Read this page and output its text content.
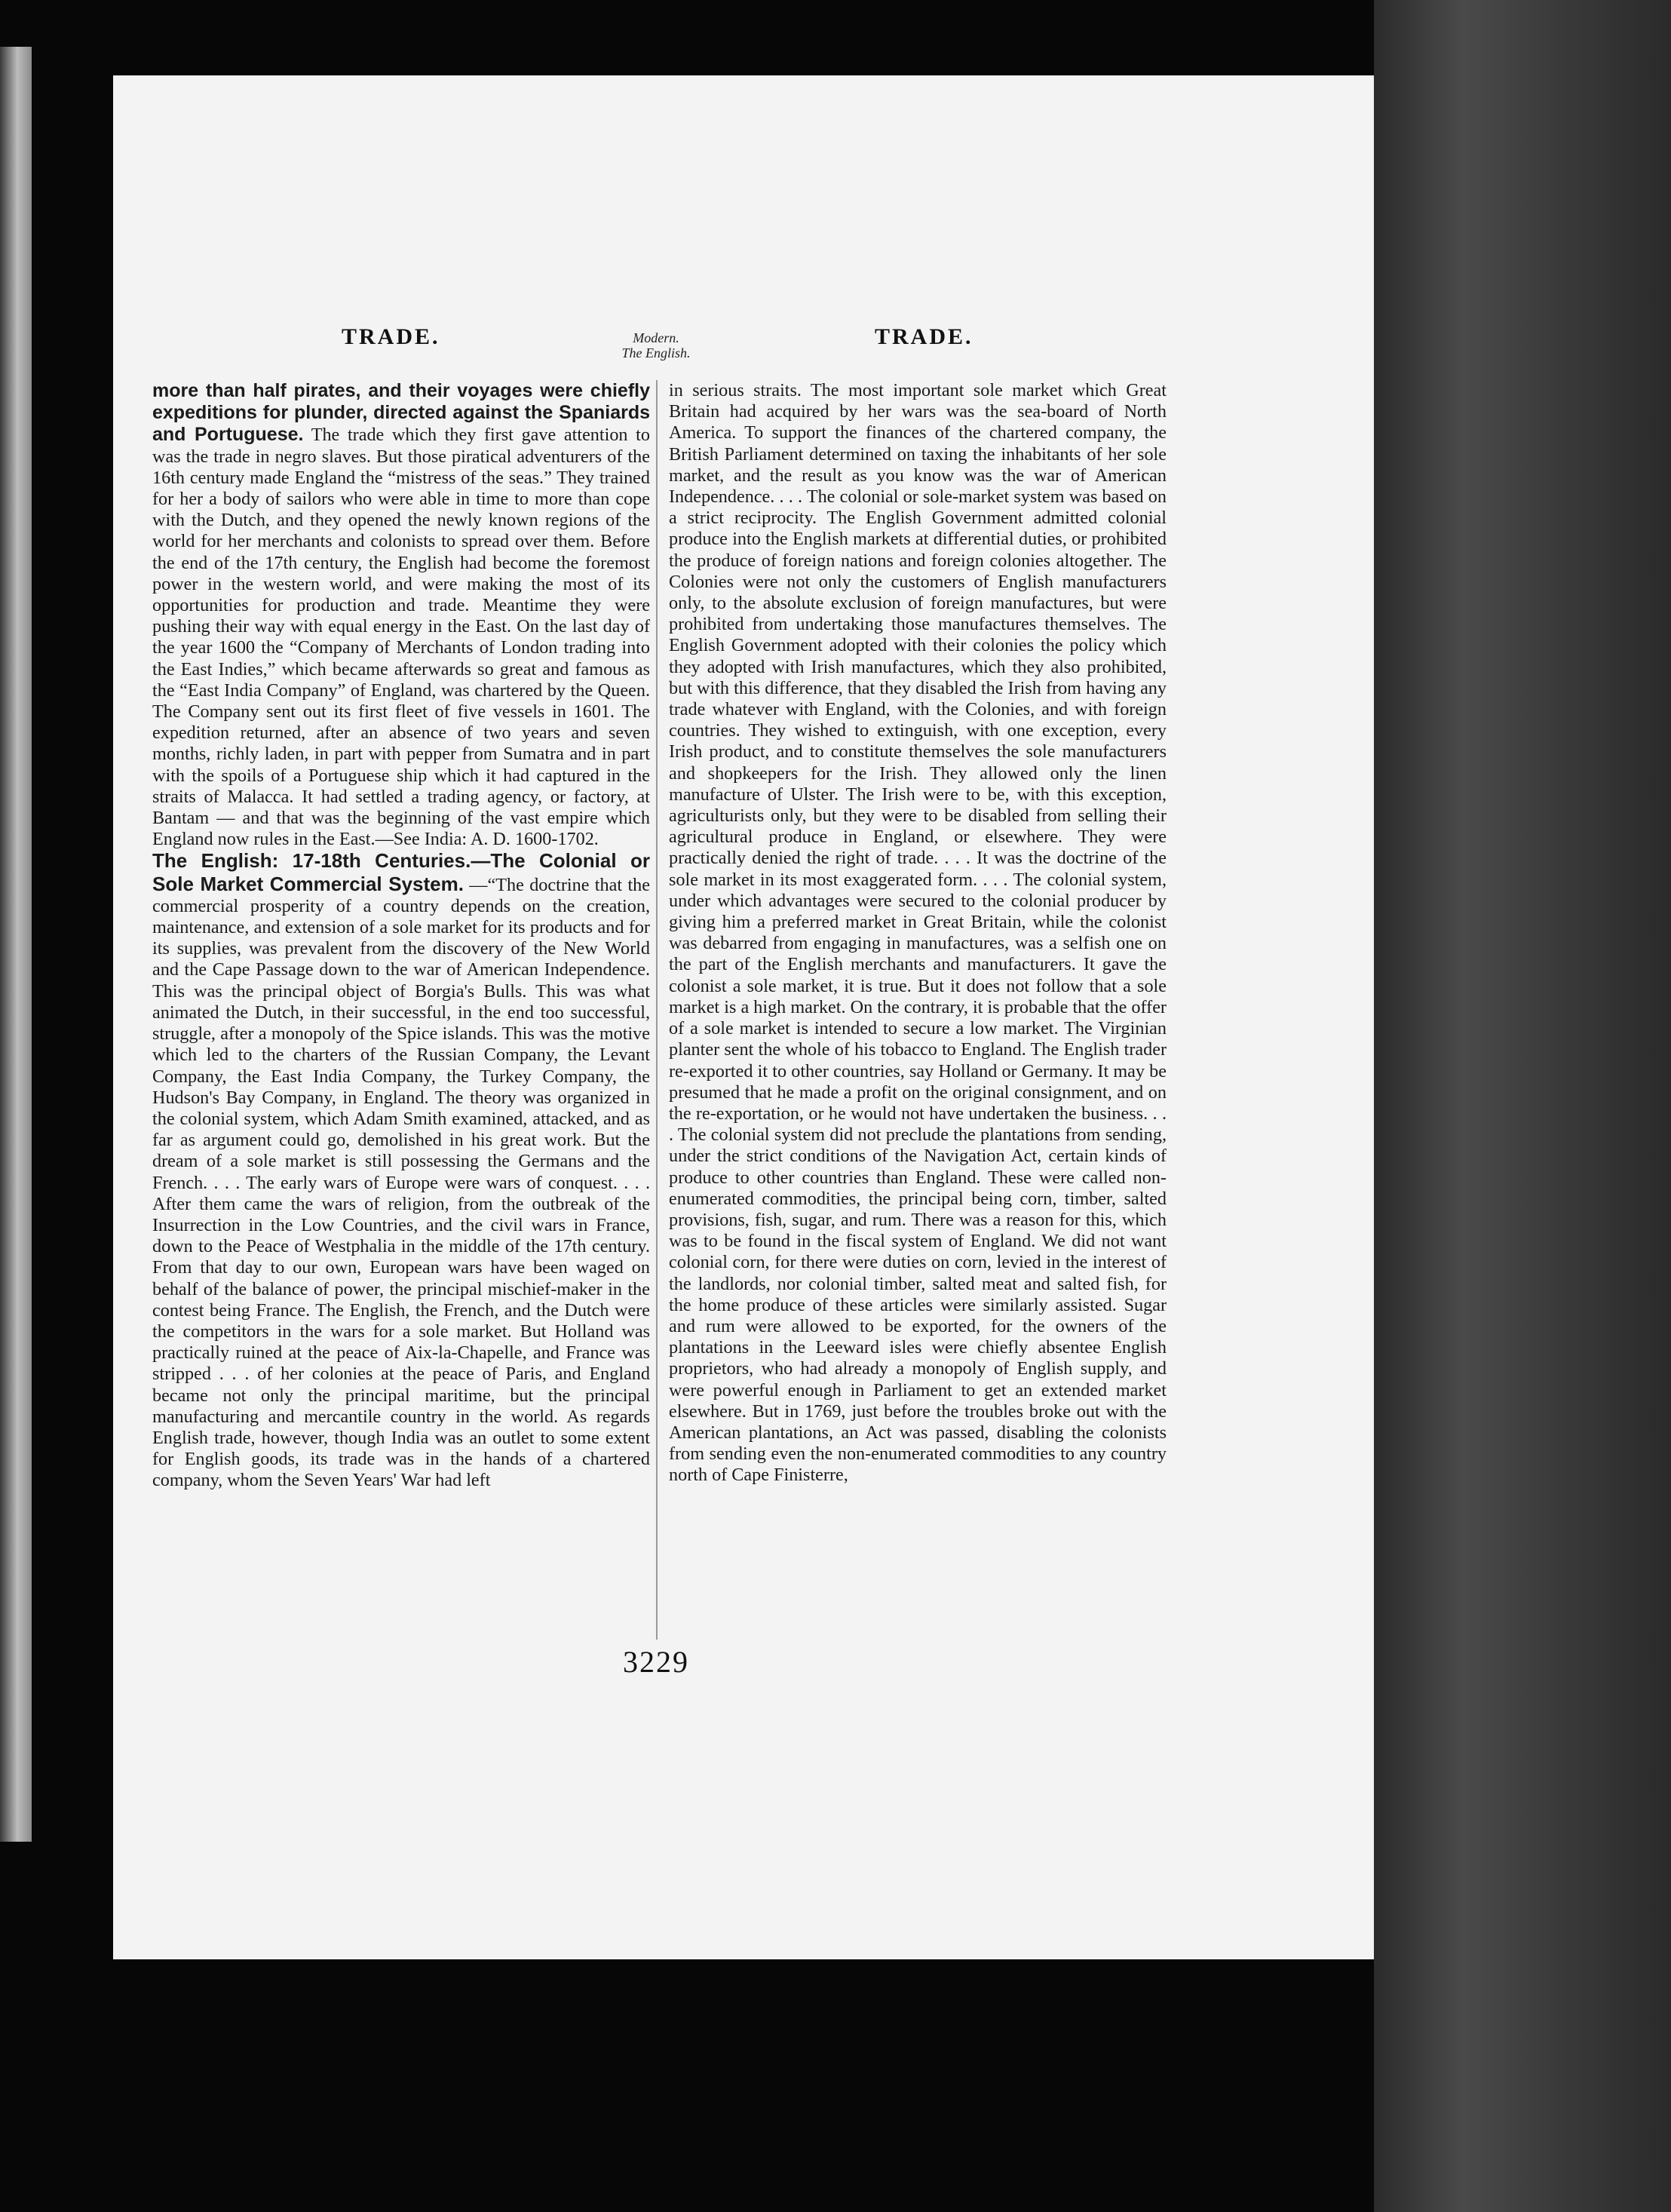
TRADE.	Modern.
The English.
TRADE.

more than half pirates, and their voyages were chiefly expeditions for plunder, directed against the Spaniards and Portuguese. The trade which they first gave attention to was the trade in negro slaves. But those piratical adventurers of the 16th century made England the “mistress of the seas.” They trained for her a body of sailors who were able in time to more than cope with the Dutch, and they opened the newly known regions of the world for her merchants and colonists to spread over them. Before the end of the 17th century, the English had become the foremost power in the western world, and were making the most of its opportunities for production and trade. Meantime they were pushing their way with equal energy in the East. On the last day of the year 1600 the “Company of Merchants of London trading into the East Indies,” which became afterwards so great and famous as the “East India Company” of England, was chartered by the Queen. The Company sent out its first fleet of five vessels in 1601. The expedition returned, after an absence of two years and seven months, richly laden, in part with pepper from Sumatra and in part with the spoils of a Portuguese ship which it had captured in the straits of Malacca. It had settled a trading agency, or factory, at Bantam — and that was the beginning of the vast empire which England now rules in the East.—See India: A. D. 1600-1702.

The English: 17-18th Centuries.—The Colonial or Sole Market Commercial System. —“The doctrine that the commercial prosperity of a country depends on the creation, maintenance, and extension of a sole market for its products and for its supplies, was prevalent from the discovery of the New World and the Cape Passage down to the war of American Independence. This was the principal object of Borgia's Bulls. This was what animated the Dutch, in their successful, in the end too successful, struggle, after a monopoly of the Spice islands. This was the motive which led to the charters of the Russian Company, the Levant Company, the East India Company, the Turkey Company, the Hudson's Bay Company, in England. The theory was organized in the colonial system, which Adam Smith examined, attacked, and as far as argument could go, demolished in his great work. But the dream of a sole market is still possessing the Germans and the French. . . . The early wars of Europe were wars of conquest. . . . After them came the wars of religion, from the outbreak of the Insurrection in the Low Countries, and the civil wars in France, down to the Peace of Westphalia in the middle of the 17th century. From that day to our own, European wars have been waged on behalf of the balance of power, the principal mischief-maker in the contest being France. The English, the French, and the Dutch were the competitors in the wars for a sole market. But Holland was practically ruined at the peace of Aix-la-Chapelle, and France was stripped . . . of her colonies at the peace of Paris, and England became not only the principal maritime, but the principal manufacturing and mercantile country in the world. As regards English trade, however, though India was an outlet to some extent for English goods, its trade was in the hands of a chartered company, whom the Seven Years' War had left

in serious straits. The most important sole market which Great Britain had acquired by her wars was the sea-board of North America. To support the finances of the chartered company, the British Parliament determined on taxing the inhabitants of her sole market, and the result as you know was the war of American Independence. . . . The colonial or sole-market system was based on a strict reciprocity. The English Government admitted colonial produce into the English markets at differential duties, or prohibited the produce of foreign nations and foreign colonies altogether. The Colonies were not only the customers of English manufacturers only, to the absolute exclusion of foreign manufactures, but were prohibited from undertaking those manufactures themselves. The English Government adopted with their colonies the policy which they adopted with Irish manufactures, which they also prohibited, but with this difference, that they disabled the Irish from having any trade whatever with England, with the Colonies, and with foreign countries. They wished to extinguish, with one exception, every Irish product, and to constitute themselves the sole manufacturers and shopkeepers for the Irish. They allowed only the linen manufacture of Ulster. The Irish were to be, with this exception, agriculturists only, but they were to be disabled from selling their agricultural produce in England, or elsewhere. They were practically denied the right of trade. . . . It was the doctrine of the sole market in its most exaggerated form. . . . The colonial system, under which advantages were secured to the colonial producer by giving him a preferred market in Great Britain, while the colonist was debarred from engaging in manufactures, was a selfish one on the part of the English merchants and manufacturers. It gave the colonist a sole market, it is true. But it does not follow that a sole market is a high market. On the contrary, it is probable that the offer of a sole market is intended to secure a low market. The Virginian planter sent the whole of his tobacco to England. The English trader re-exported it to other countries, say Holland or Germany. It may be presumed that he made a profit on the original consignment, and on the re-exportation, or he would not have undertaken the business. . . . The colonial system did not preclude the plantations from sending, under the strict conditions of the Navigation Act, certain kinds of produce to other countries than England. These were called non-enumerated commodities, the principal being corn, timber, salted provisions, fish, sugar, and rum. There was a reason for this, which was to be found in the fiscal system of England. We did not want colonial corn, for there were duties on corn, levied in the interest of the landlords, nor colonial timber, salted meat and salted fish, for the home produce of these articles were similarly assisted. Sugar and rum were allowed to be exported, for the owners of the plantations in the Leeward isles were chiefly absentee English proprietors, who had already a monopoly of English supply, and were powerful enough in Parliament to get an extended market elsewhere. But in 1769, just before the troubles broke out with the American plantations, an Act was passed, disabling the colonists from sending even the non-enumerated commodities to any country north of Cape Finisterre,

3229
